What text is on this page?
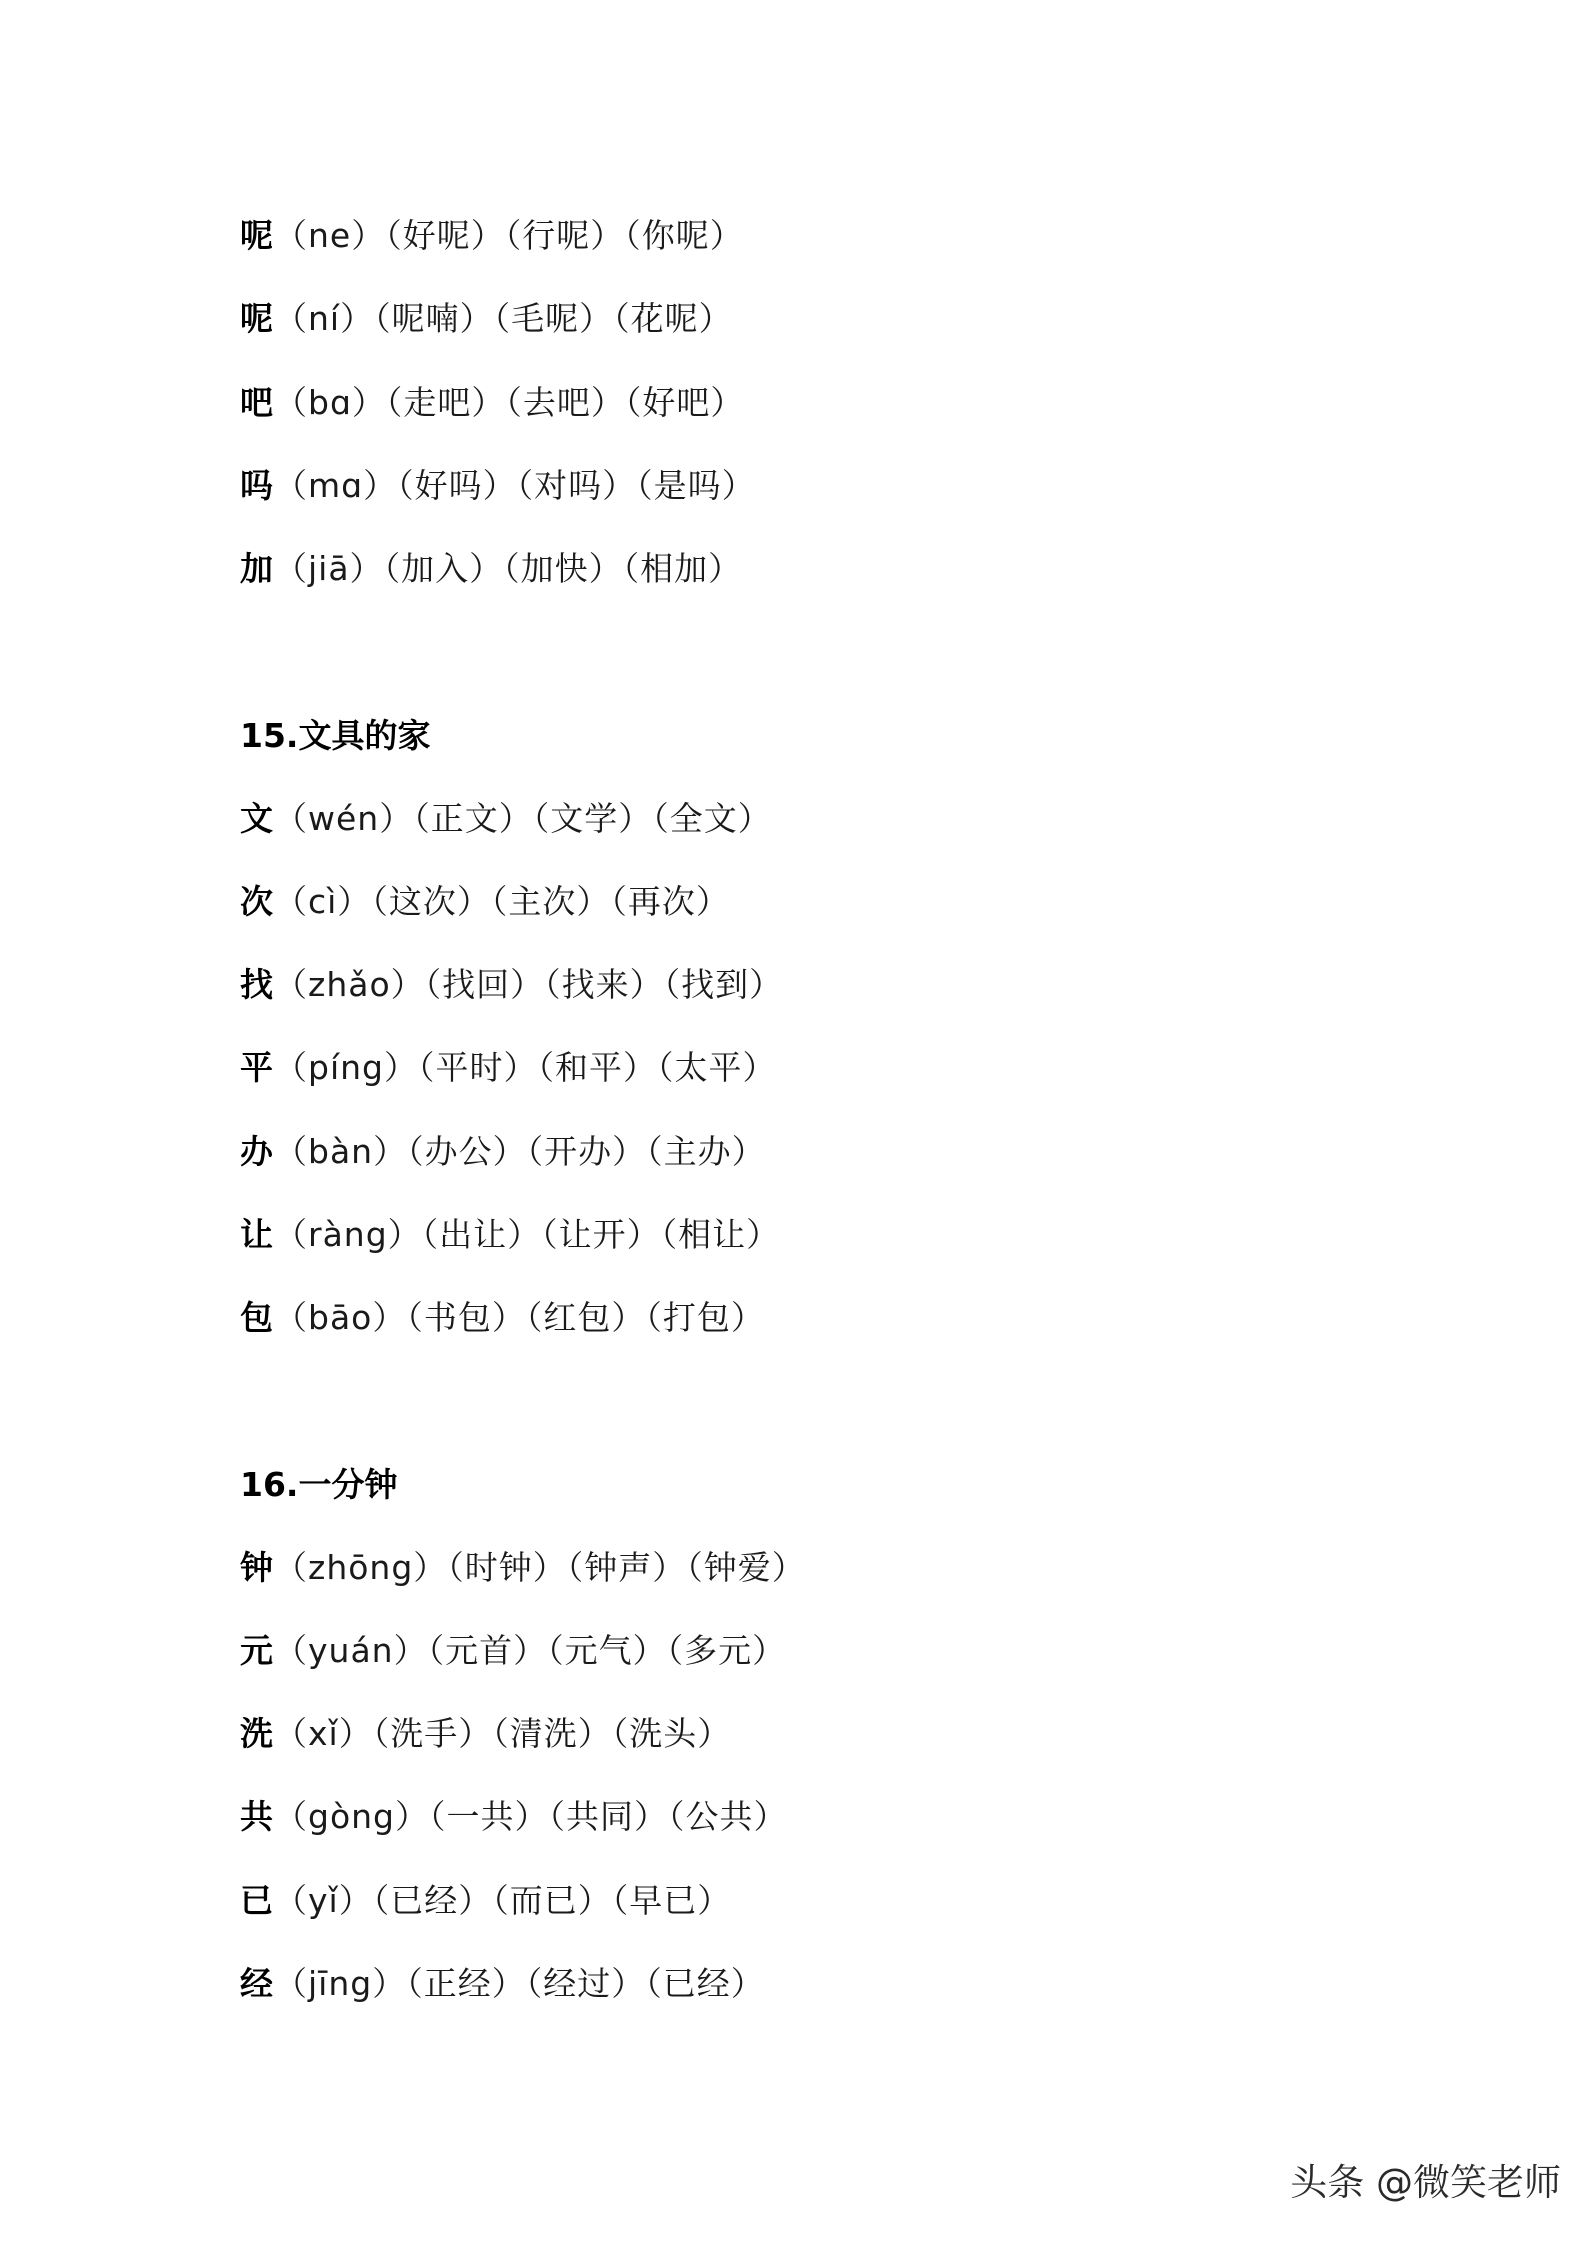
呢（ne）（好呢）（行呢）（你呢）
呢（ní）（呢喃）（毛呢）（花呢）
吧（bɑ）（走吧）（去吧）（好吧）
吗（mɑ）（好吗）（对吗）（是吗）
加（jiā）（加入）（加快）（相加）
15.文具的家
文（wén）（正文）（文学）（全文）
次（cì）（这次）（主次）（再次）
找（zhǎo）（找回）（找来）（找到）
平（píng）（平时）（和平）（太平）
办（bàn）（办公）（开办）（主办）
让（ràng）（出让）（让开）（相让）
包（bāo）（书包）（红包）（打包）
16.一分钟
钟（zhōng）（时钟）（钟声）（钟爱）
元（yuán）（元首）（元气）（多元）
洗（xǐ）（洗手）（清洗）（洗头）
共（gòng）（一共）（共同）（公共）
已（yǐ）（已经）（而已）（早已）
经（jīng）（正经）（经过）（已经）
头条 @微笑老师
